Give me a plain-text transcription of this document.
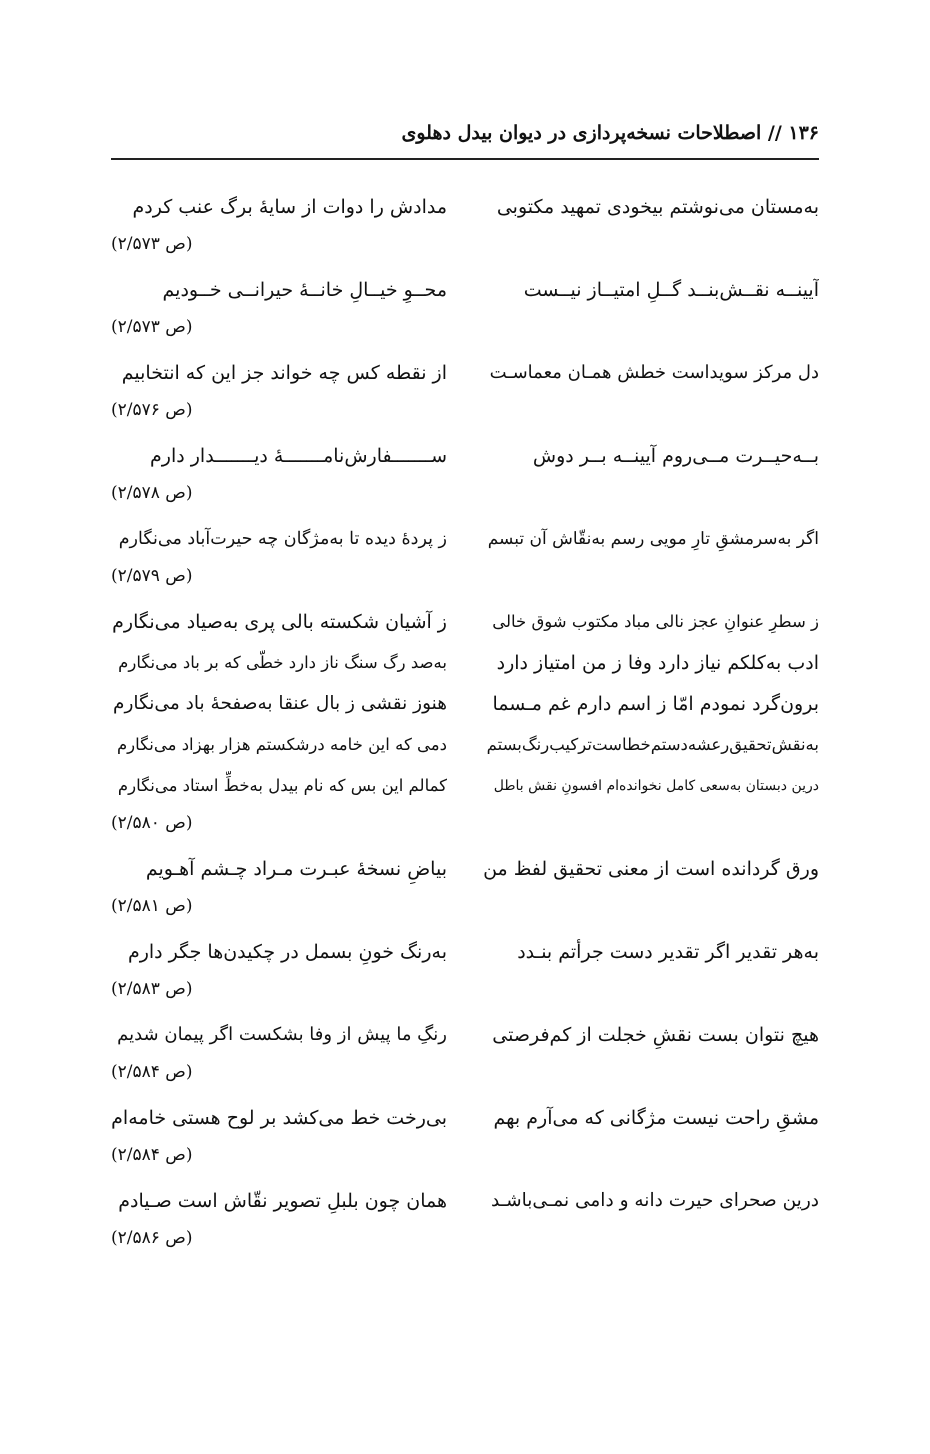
۱۳۶ // اصطلاحات نسخه‌پردازی در دیوان بیدل دهلوی
به‌مستان می‌نوشتم بیخودی تمهید مکتوبی
مدادش را دوات از سایهٔ برگ عنب کردم
(ص ۲/۵۷۳)
آیینــه نقــش‌بنــد گــلِ امتیــاز نیــست
محــوِ خیــالِ خانــهٔ حیرانــی خــودیم
(ص ۲/۵۷۳)
دل مرکز سویداست خطش همـان معماسـت
از نقطه کس چه خواند جز این که انتخابیم
(ص ۲/۵۷۶)
بــه‌حیــرت مــی‌روم آیینــه بــر دوش
ســـــــفارش‌نامـــــــهٔ دیـــــــدار دارم
(ص ۲/۵۷۸)
اگر به‌سرمشقِ تارِ مویی رسم به‌نقّاش آن تبسم
ز پردهٔ دیده تا به‌مژگان چه حیرت‌آباد می‌نگارم
(ص ۲/۵۷۹)
ز سطرِ عنوانِ عجز نالی مباد مکتوب شوق خالی
ز آشیان شکسته بالی پری به‌صیاد می‌نگارم
ادب به‌کلکم نیاز دارد وفا ز من امتیاز دارد
به‌صد رگ سنگ ناز دارد خطّی که بر باد می‌نگارم
برون‌گرد نمودم امّا ز اسم دارم غم مـسما
هنوز نقشی ز بال عنقا به‌صفحهٔ باد می‌نگارم
به‌نقش‌تحقیق‌رعشه‌دستم‌خطاست‌ترکیب‌رنگ‌بستم
دمی که این خامه درشکستم هزار بهزاد می‌نگارم
درین دبستان به‌سعی کامل نخوانده‌ام افسونِ نقش باطل
کمالم این بس که نام بیدل به‌خطِّ استاد می‌نگارم
(ص ۲/۵۸۰)
ورق گردانده است از معنی تحقیق لفظ من
بیاضِ نسخهٔ عبـرت مـراد چـشم آهـویم
(ص ۲/۵۸۱)
به‌هر تقدیر اگر تقدیر دست جرأتم بنـدد
به‌رنگ خونِ بسمل در چکیدن‌ها جگر دارم
(ص ۲/۵۸۳)
هیچ نتوان بست نقشِ خجلت از کم‌فرصتی
رنگِ ما پیش از وفا بشکست اگر پیمان شدیم
(ص ۲/۵۸۴)
مشقِ راحت نیست مژگانی که می‌آرم بهم
بی‌رخت خط می‌کشد بر لوح هستی خامه‌ام
(ص ۲/۵۸۴)
درین صحرای حیرت دانه و دامی نمـی‌باشـد
همان چون بلبلِ تصویر نقّاش است صـیادم
(ص ۲/۵۸۶)
